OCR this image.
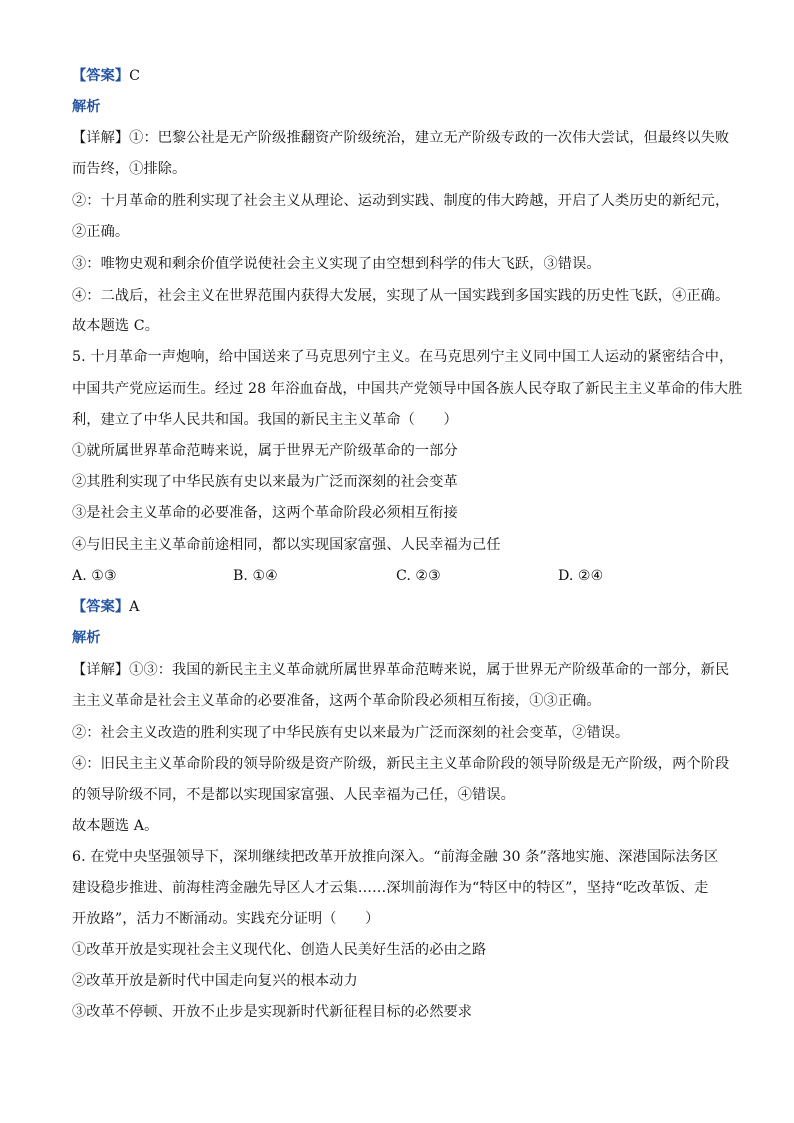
【答案】C
解析
【详解】①：巴黎公社是无产阶级推翻资产阶级统治，建立无产阶级专政的一次伟大尝试，但最终以失败
而告终，①排除。
②：十月革命的胜利实现了社会主义从理论、运动到实践、制度的伟大跨越，开启了人类历史的新纪元，
②正确。
③：唯物史观和剩余价值学说使社会主义实现了由空想到科学的伟大飞跃，③错误。
④：二战后，社会主义在世界范围内获得大发展，实现了从一国实践到多国实践的历史性飞跃，④正确。
故本题选 C。
5. 十月革命一声炮响，给中国送来了马克思列宁主义。在马克思列宁主义同中国工人运动的紧密结合中，
中国共产党应运而生。经过 28 年浴血奋战，中国共产党领导中国各族人民夺取了新民主主义革命的伟大胜
利，建立了中华人民共和国。我国的新民主主义革命（　　）
①就所属世界革命范畴来说，属于世界无产阶级革命的一部分
②其胜利实现了中华民族有史以来最为广泛而深刻的社会变革
③是社会主义革命的必要准备，这两个革命阶段必须相互衔接
④与旧民主主义革命前途相同，都以实现国家富强、人民幸福为己任
A. ①③	B. ①④	C. ②③	D. ②④
【答案】A
解析
【详解】①③：我国的新民主主义革命就所属世界革命范畴来说，属于世界无产阶级革命的一部分，新民
主主义革命是社会主义革命的必要准备，这两个革命阶段必须相互衔接，①③正确。
②：社会主义改造的胜利实现了中华民族有史以来最为广泛而深刻的社会变革，②错误。
④：旧民主主义革命阶段的领导阶级是资产阶级，新民主主义革命阶段的领导阶级是无产阶级，两个阶段
的领导阶级不同，不是都以实现国家富强、人民幸福为己任，④错误。
故本题选 A。
6. 在党中央坚强领导下，深圳继续把改革开放推向深入。“前海金融 30 条”落地实施、深港国际法务区
建设稳步推进、前海桂湾金融先导区人才云集……深圳前海作为“特区中的特区”，坚持“吃改革饭、走
开放路”，活力不断涌动。实践充分证明（　　）
①改革开放是实现社会主义现代化、创造人民美好生活的必由之路
②改革开放是新时代中国走向复兴的根本动力
③改革不停顿、开放不止步是实现新时代新征程目标的必然要求
